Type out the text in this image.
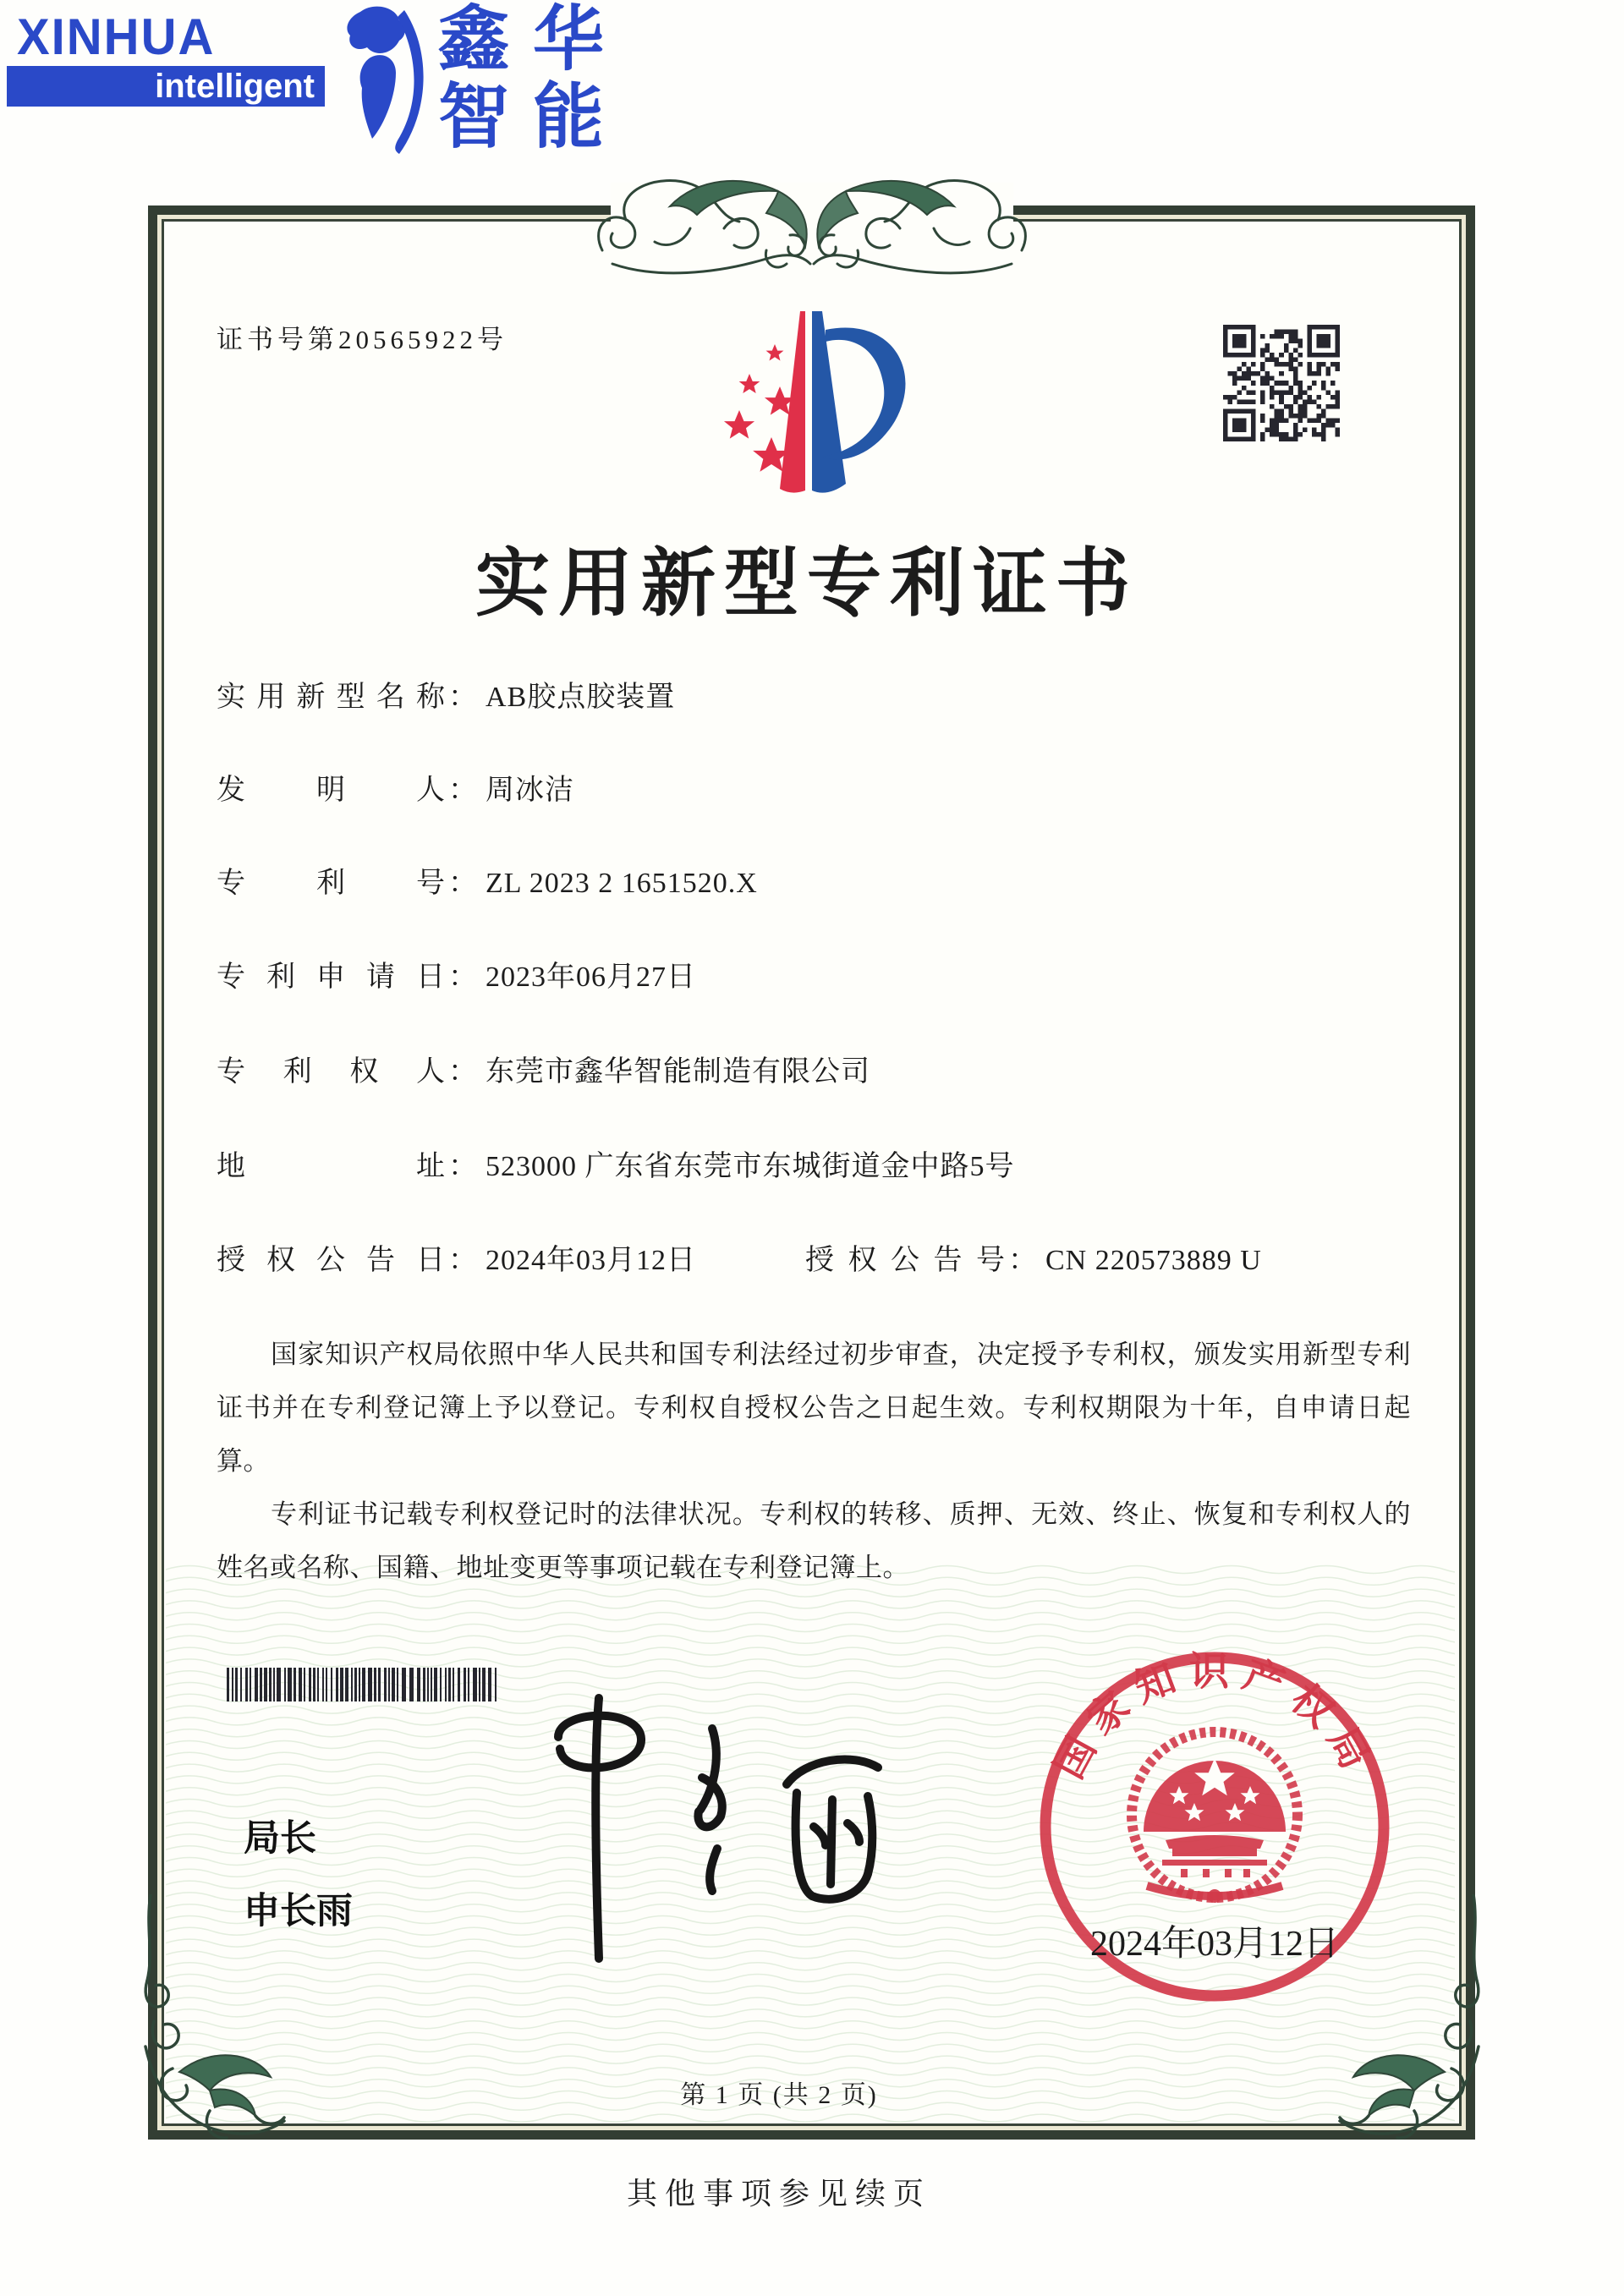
XINHUA
intelligent
鑫 华
智 能
证书号第20565922号
实用新型专利证书
实用新型名称 ： AB胶点胶装置
发明人 ： 周冰洁
专利号 ： ZL 2023 2 1651520.X
专利申请日 ： 2023年06月27日
专利权人 ： 东莞市鑫华智能制造有限公司
地址 ： 523000 广东省东莞市东城街道金中路5号
授权公告日 ： 2024年03月12日	授权公告号 ： CN 220573889 U

国家知识产权局依照中华人民共和国专利法经过初步审查，决定授予专利权，颁发实用新型专利证书并在专利登记簿上予以登记。专利权自授权公告之日起生效。专利权期限为十年，自申请日起算。

专利证书记载专利权登记时的法律状况。专利权的转移、质押、无效、终止、恢复和专利权人的姓名或名称、国籍、地址变更等事项记载在专利登记簿上。

局长
申长雨
国家知识产权局
2024年03月12日
第 1 页 (共 2 页)
其他事项参见续页
